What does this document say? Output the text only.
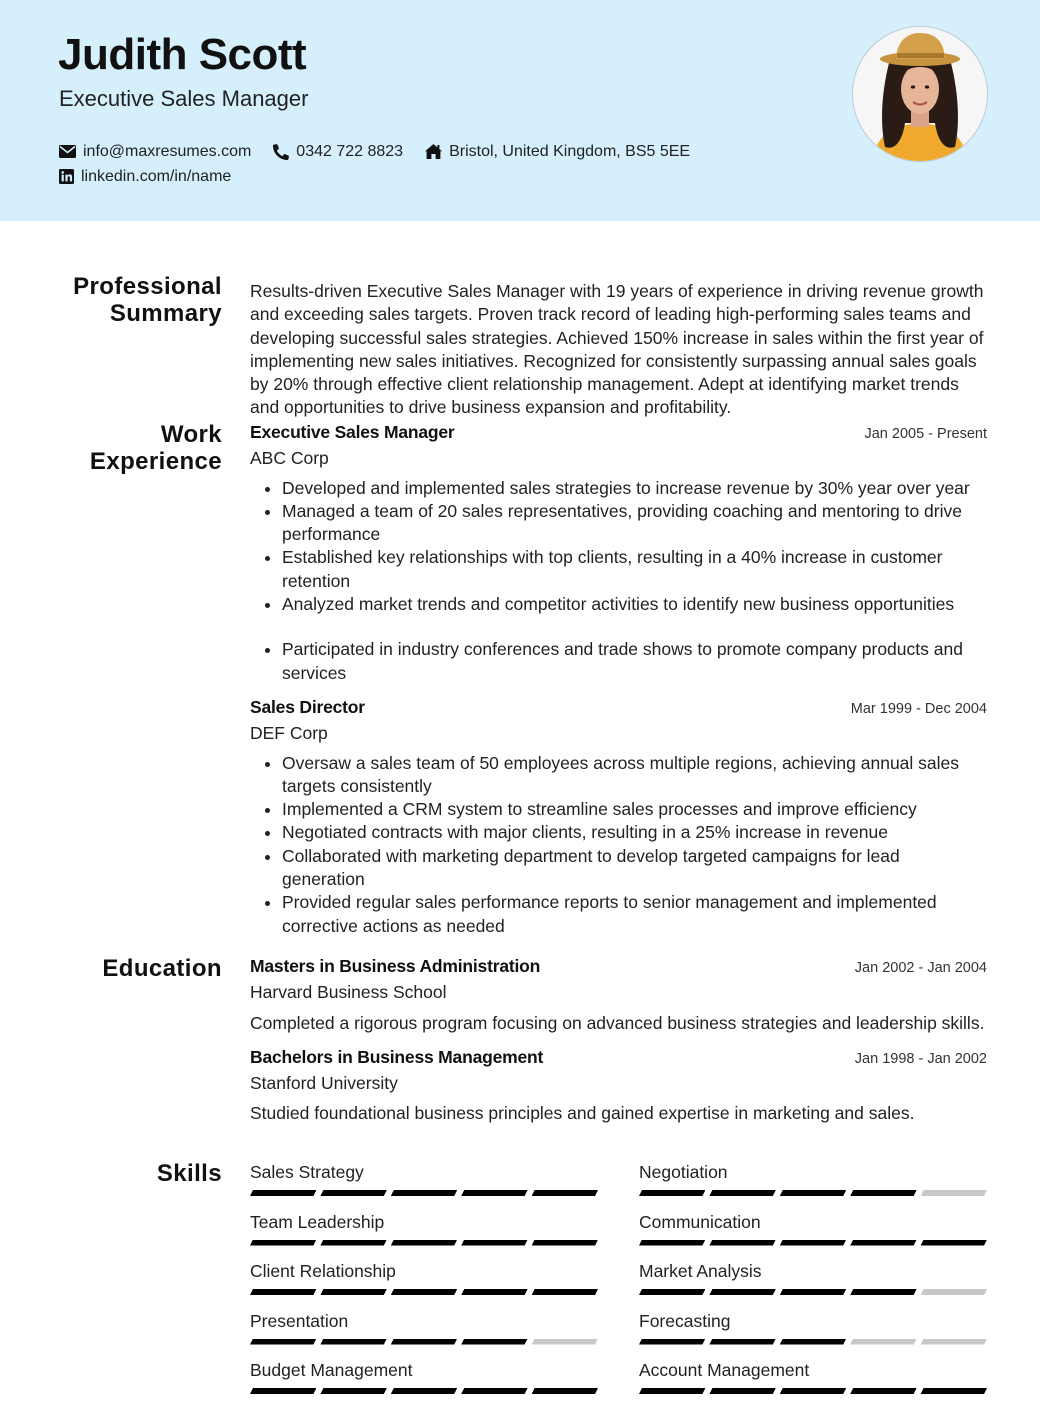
Judith Scott
Executive Sales Manager
info@maxresumes.com	0342 722 8823	Bristol, United Kingdom, BS5 5EE
linkedin.com/in/name
Professional Summary
Results-driven Executive Sales Manager with 19 years of experience in driving revenue growth and exceeding sales targets. Proven track record of leading high-performing sales teams and developing successful sales strategies. Achieved 150% increase in sales within the first year of implementing new sales initiatives. Recognized for consistently surpassing annual sales goals by 20% through effective client relationship management. Adept at identifying market trends and opportunities to drive business expansion and profitability.
Work Experience
Executive Sales Manager	Jan 2005 - Present
ABC Corp
• Developed and implemented sales strategies to increase revenue by 30% year over year
• Managed a team of 20 sales representatives, providing coaching and mentoring to drive performance
• Established key relationships with top clients, resulting in a 40% increase in customer retention
• Analyzed market trends and competitor activities to identify new business opportunities
• Participated in industry conferences and trade shows to promote company products and services
Sales Director	Mar 1999 - Dec 2004
DEF Corp
• Oversaw a sales team of 50 employees across multiple regions, achieving annual sales targets consistently
• Implemented a CRM system to streamline sales processes and improve efficiency
• Negotiated contracts with major clients, resulting in a 25% increase in revenue
• Collaborated with marketing department to develop targeted campaigns for lead generation
• Provided regular sales performance reports to senior management and implemented corrective actions as needed
Education Masters in Business Administration	Jan 2002 - Jan 2004
Harvard Business School
Completed a rigorous program focusing on advanced business strategies and leadership skills.
Bachelors in Business Management	Jan 1998 - Jan 2002
Stanford University
Studied foundational business principles and gained expertise in marketing and sales.
Skills Sales Strategy	Negotiation
Team Leadership	Communication
Client Relationship	Market Analysis
Presentation	Forecasting
Budget Management	Account Management
